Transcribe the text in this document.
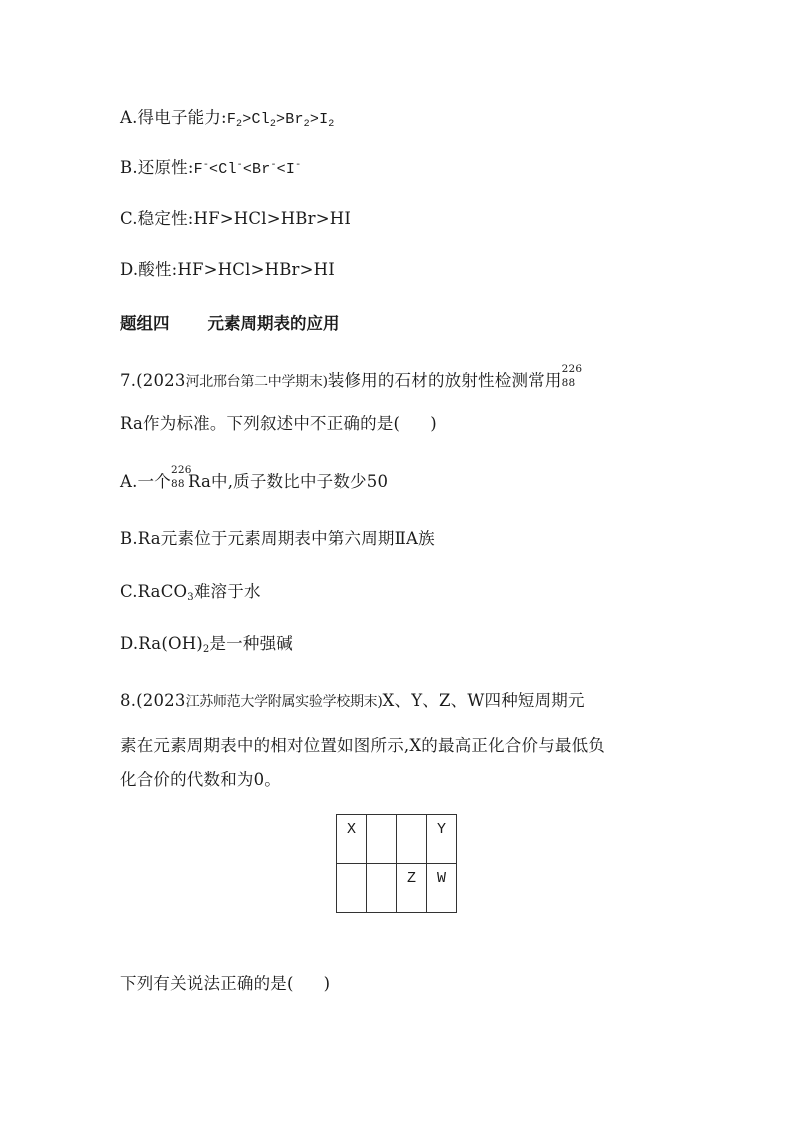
A.得电子能力$:F_2>Cl_2>Br_2>I_2$
B.还原性:F-<Cl-<Br-<I-
C.稳定性:HF>HCl>HBr>HI
D.酸性:HF>HCl>HBr>HI
题组四 元素周期表的应用
7.(2023河北邢台第二中学期末)装修用的石材的放射性检测常用
226
88
Ra作为标准。下列叙述中不正确的是( )
A.一个
226
88 Ra中,质子数比中子数少50
B.Ra元素位于元素周期表中第六周期ⅡA族
C.RaCO$_3$难溶于水
$D.Ra(OH)_2$是一种强碱
8.(2023江苏师范大学附属实验学校期末)X、Y、Z、W四种短周期元
素在元素周期表中的相对位置如图所示,X的最高正化合价与最低负
化合价的代数和为0。
X			Y

		Z	W
下列有关说法正确的是( )
